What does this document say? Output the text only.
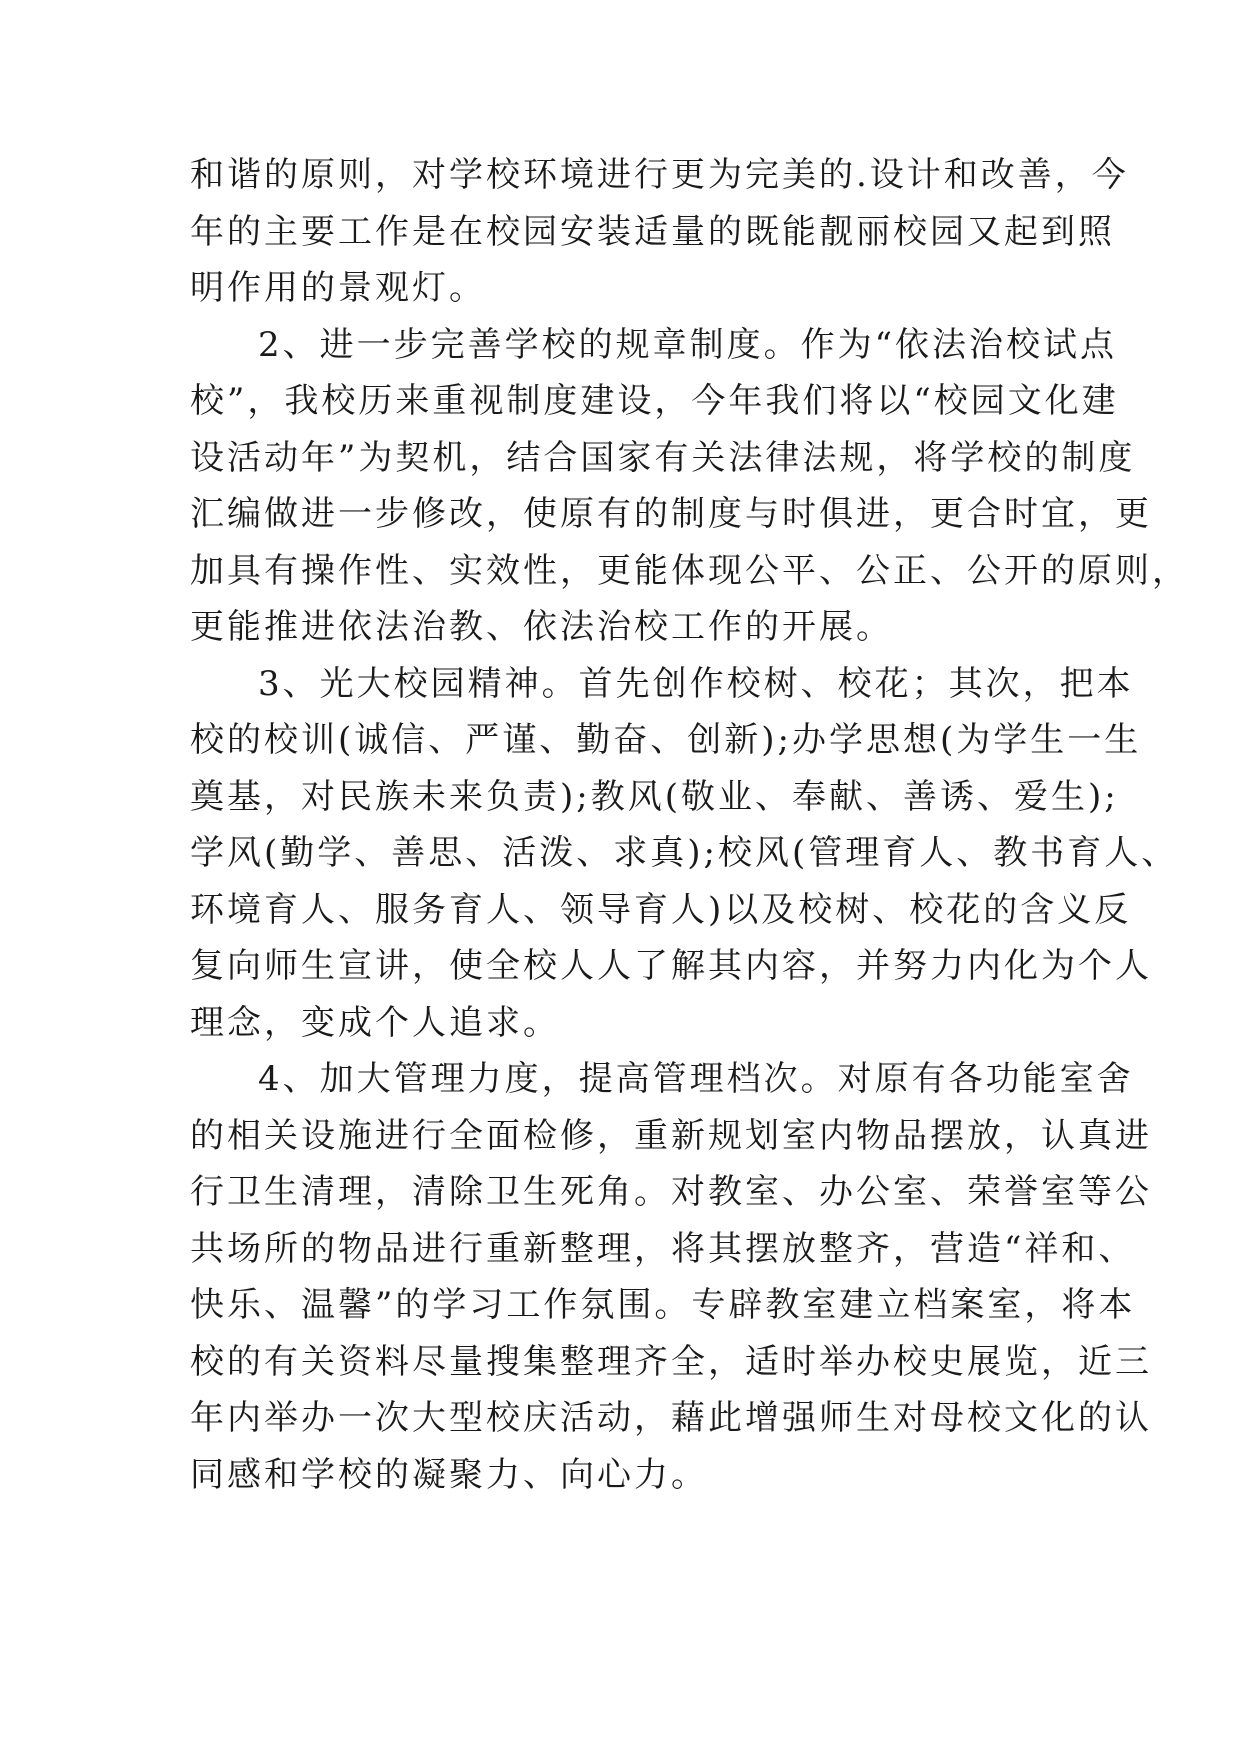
和谐的原则，对学校环境进行更为完美的.设计和改善，今
年的主要工作是在校园安装适量的既能靓丽校园又起到照
明作用的景观灯。

2、进一步完善学校的规章制度。作为“依法治校试点
校”，我校历来重视制度建设，今年我们将以“校园文化建
设活动年”为契机，结合国家有关法律法规，将学校的制度
汇编做进一步修改，使原有的制度与时俱进，更合时宜，更
加具有操作性、实效性，更能体现公平、公正、公开的原则，
更能推进依法治教、依法治校工作的开展。

3、光大校园精神。首先创作校树、校花；其次，把本
校的校训(诚信、严谨、勤奋、创新);办学思想(为学生一生
奠基，对民族未来负责);教风(敬业、奉献、善诱、爱生);
学风(勤学、善思、活泼、求真);校风(管理育人、教书育人、
环境育人、服务育人、领导育人)以及校树、校花的含义反
复向师生宣讲，使全校人人了解其内容，并努力内化为个人
理念，变成个人追求。

4、加大管理力度，提高管理档次。对原有各功能室舍
的相关设施进行全面检修，重新规划室内物品摆放，认真进
行卫生清理，清除卫生死角。对教室、办公室、荣誉室等公
共场所的物品进行重新整理，将其摆放整齐，营造“祥和、
快乐、温馨”的学习工作氛围。专辟教室建立档案室，将本
校的有关资料尽量搜集整理齐全，适时举办校史展览，近三
年内举办一次大型校庆活动，藉此增强师生对母校文化的认
同感和学校的凝聚力、向心力。
